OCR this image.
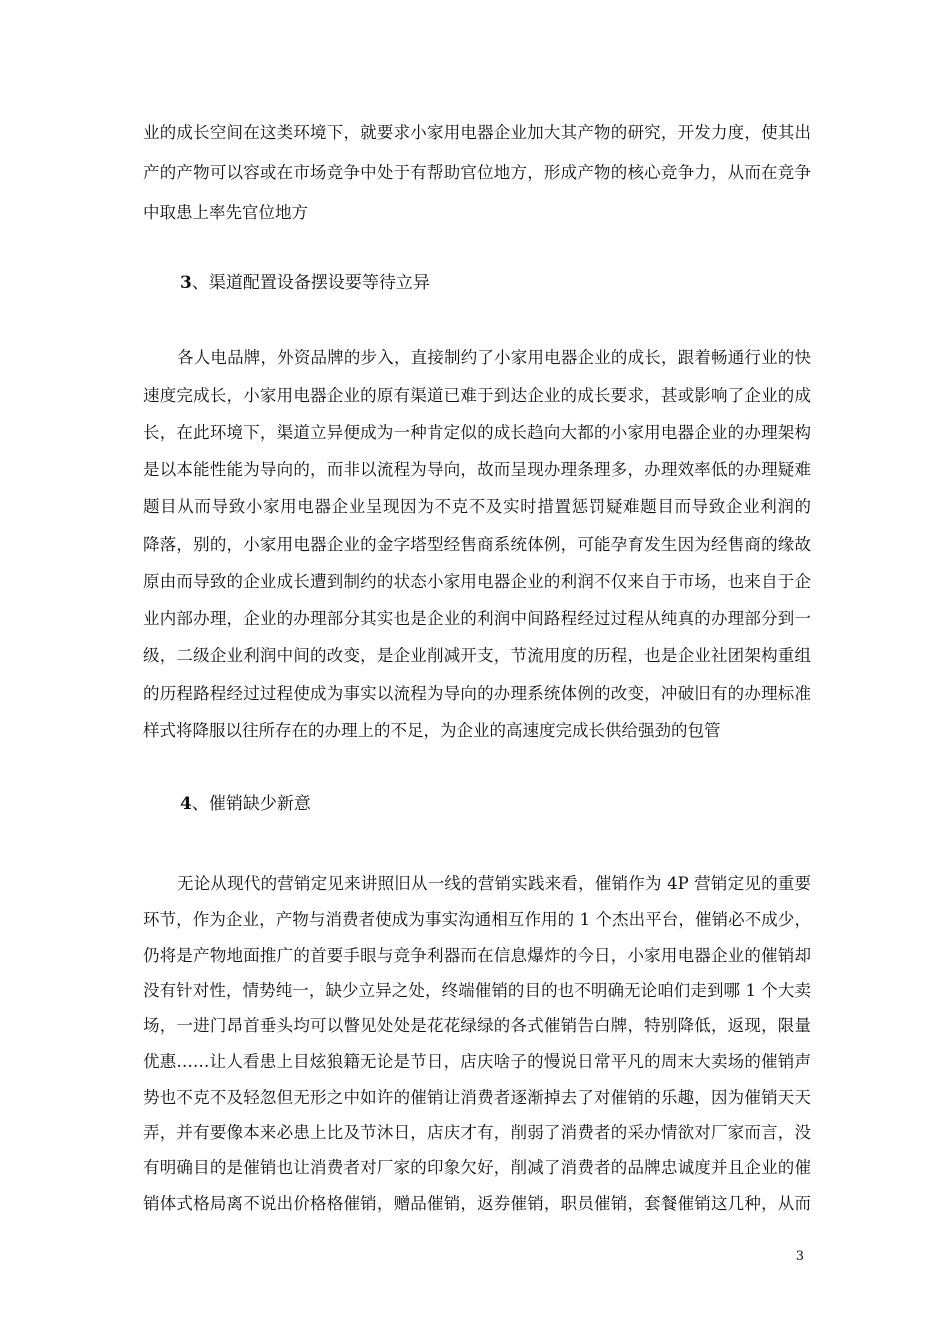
业的成长空间在这类环境下，就要求小家用电器企业加大其产物的研究，开发力度，使其出
产的产物可以容或在市场竞争中处于有帮助官位地方，形成产物的核心竞争力，从而在竞争
中取患上率先官位地方
3、渠道配置设备摆设要等待立异
各人电品牌，外资品牌的步入，直接制约了小家用电器企业的成长，跟着畅通行业的快
速度完成长，小家用电器企业的原有渠道已难于到达企业的成长要求，甚或影响了企业的成
长，在此环境下，渠道立异便成为一种肯定似的成长趋向大都的小家用电器企业的办理架构
是以本能性能为导向的，而非以流程为导向，故而呈现办理条理多，办理效率低的办理疑难
题目从而导致小家用电器企业呈现因为不克不及实时措置惩罚疑难题目而导致企业利润的
降落，别的，小家用电器企业的金字塔型经售商系统体例，可能孕育发生因为经售商的缘故
原由而导致的企业成长遭到制约的状态小家用电器企业的利润不仅来自于市场，也来自于企
业内部办理，企业的办理部分其实也是企业的利润中间路程经过过程从纯真的办理部分到一
级，二级企业利润中间的改变，是企业削减开支，节流用度的历程，也是企业社团架构重组
的历程路程经过过程使成为事实以流程为导向的办理系统体例的改变，冲破旧有的办理标准
样式将降服以往所存在的办理上的不足，为企业的高速度完成长供给强劲的包管
4、催销缺少新意
无论从现代的营销定见来讲照旧从一线的营销实践来看，催销作为 4P 营销定见的重要
环节，作为企业，产物与消费者使成为事实沟通相互作用的 1 个杰出平台，催销必不成少，
仍将是产物地面推广的首要手眼与竞争利器而在信息爆炸的今日，小家用电器企业的催销却
没有针对性，情势纯一，缺少立异之处，终端催销的目的也不明确无论咱们走到哪 1 个大卖
场，一进门昂首垂头均可以瞥见处处是花花绿绿的各式催销告白牌，特别降低，返现，限量
优惠……让人看患上目炫狼籍无论是节日，店庆啥子的慢说日常平凡的周末大卖场的催销声
势也不克不及轻忽但无形之中如许的催销让消费者逐渐掉去了对催销的乐趣，因为催销天天
弄，并有要像本来必患上比及节沐日，店庆才有，削弱了消费者的采办情欲对厂家而言，没
有明确目的是催销也让消费者对厂家的印象欠好，削减了消费者的品牌忠诚度并且企业的催
销体式格局离不说出价格格催销，赠品催销，返券催销，职员催销，套餐催销这几种，从而
3
